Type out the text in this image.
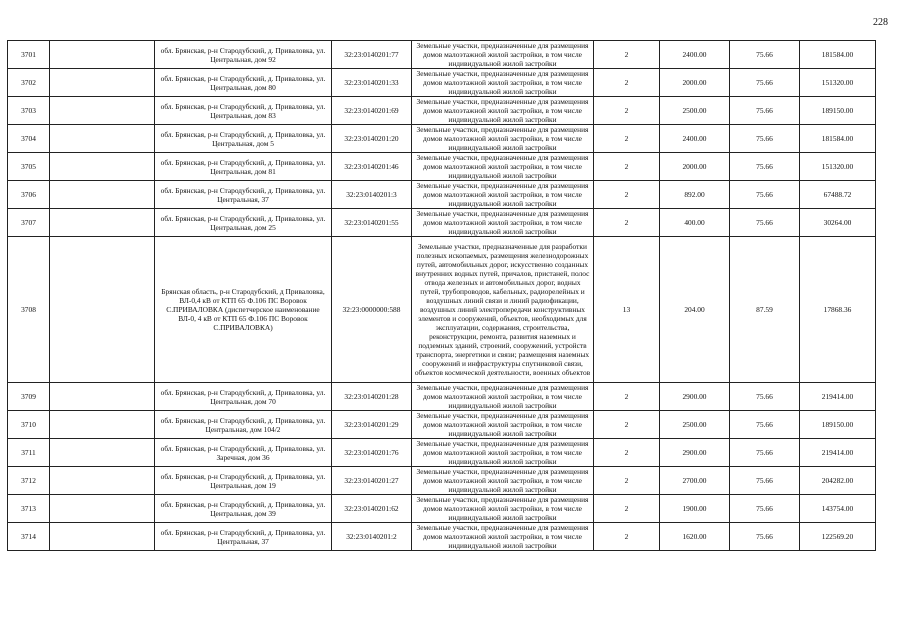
228
3701		обл. Брянская, р-н Стародубский, д. Приваловка, ул. Центральная, дом 92	32:23:0140201:77	Земельные участки, предназначенные для размещения домов малоэтажной жилой застройки, в том числе индивидуальной жилой застройки	2	2400.00	75.66	181584.00
3702		обл. Брянская, р-н Стародубский, д. Приваловка, ул. Центральная, дом 80	32:23:0140201:33	Земельные участки, предназначенные для размещения домов малоэтажной жилой застройки, в том числе индивидуальной жилой застройки	2	2000.00	75.66	151320.00
3703		обл. Брянская, р-н Стародубский, д. Приваловка, ул. Центральная, дом 83	32:23:0140201:69	Земельные участки, предназначенные для размещения домов малоэтажной жилой застройки, в том числе индивидуальной жилой застройки	2	2500.00	75.66	189150.00
3704		обл. Брянская, р-н Стародубский, д. Приваловка, ул. Центральная, дом 5	32:23:0140201:20	Земельные участки, предназначенные для размещения домов малоэтажной жилой застройки, в том числе индивидуальной жилой застройки	2	2400.00	75.66	181584.00
3705		обл. Брянская, р-н Стародубский, д. Приваловка, ул. Центральная, дом 81	32:23:0140201:46	Земельные участки, предназначенные для размещения домов малоэтажной жилой застройки, в том числе индивидуальной жилой застройки	2	2000.00	75.66	151320.00
3706		обл. Брянская, р-н Стародубский, д. Приваловка, ул. Центральная, 37	32:23:0140201:3	Земельные участки, предназначенные для размещения домов малоэтажной жилой застройки, в том числе индивидуальной жилой застройки	2	892.00	75.66	67488.72
3707		обл. Брянская, р-н Стародубский, д. Приваловка, ул. Центральная, дом 25	32:23:0140201:55	Земельные участки, предназначенные для размещения домов малоэтажной жилой застройки, в том числе индивидуальной жилой застройки	2	400.00	75.66	30264.00
3708		Брянская область, р-н Стародубский, д Приваловка, ВЛ-0,4 кВ от КТП 65 Ф.106 ПС Воровок С.ПРИВАЛОВКА (диспетчерское наименование ВЛ-0, 4 кВ от КТП 65 Ф.106 ПС Воровок С.ПРИВАЛОВКА)	32:23:0000000:588	Земельные участки, предназначенные для разработки полезных ископаемых, размещения железнодорожных путей, автомобильных дорог, искусственно созданных внутренних водных путей, причалов, пристаней, полос отвода железных и автомобильных дорог, водных путей, трубопроводов, кабельных, радиорелейных и воздушных линий связи и линий радиофикации, воздушных линий электропередачи конструктивных элементов и сооружений, объектов, необходимых для эксплуатации, содержания, строительства, реконструкции, ремонта, развития наземных и подземных зданий, строений, сооружений, устройств транспорта, энергетики и связи; размещения наземных сооружений и инфраструктуры спутниковой связи, объектов космической деятельности, военных объектов	13	204.00	87.59	17868.36
3709		обл. Брянская, р-н Стародубский, д. Приваловка, ул. Центральная, дом 70	32:23:0140201:28	Земельные участки, предназначенные для размещения домов малоэтажной жилой застройки, в том числе индивидуальной жилой застройки	2	2900.00	75.66	219414.00
3710		обл. Брянская, р-н Стародубский, д. Приваловка, ул. Центральная, дом 104/2	32:23:0140201:29	Земельные участки, предназначенные для размещения домов малоэтажной жилой застройки, в том числе индивидуальной жилой застройки	2	2500.00	75.66	189150.00
3711		обл. Брянская, р-н Стародубский, д. Приваловка, ул. Заречная, дом 36	32:23:0140201:76	Земельные участки, предназначенные для размещения домов малоэтажной жилой застройки, в том числе индивидуальной жилой застройки	2	2900.00	75.66	219414.00
3712		обл. Брянская, р-н Стародубский, д. Приваловка, ул. Центральная, дом 19	32:23:0140201:27	Земельные участки, предназначенные для размещения домов малоэтажной жилой застройки, в том числе индивидуальной жилой застройки	2	2700.00	75.66	204282.00
3713		обл. Брянская, р-н Стародубский, д. Приваловка, ул. Центральная, дом 39	32:23:0140201:62	Земельные участки, предназначенные для размещения домов малоэтажной жилой застройки, в том числе индивидуальной жилой застройки	2	1900.00	75.66	143754.00
3714		обл. Брянская, р-н Стародубский, д. Приваловка, ул. Центральная, 37	32:23:0140201:2	Земельные участки, предназначенные для размещения домов малоэтажной жилой застройки, в том числе индивидуальной жилой застройки	2	1620.00	75.66	122569.20
